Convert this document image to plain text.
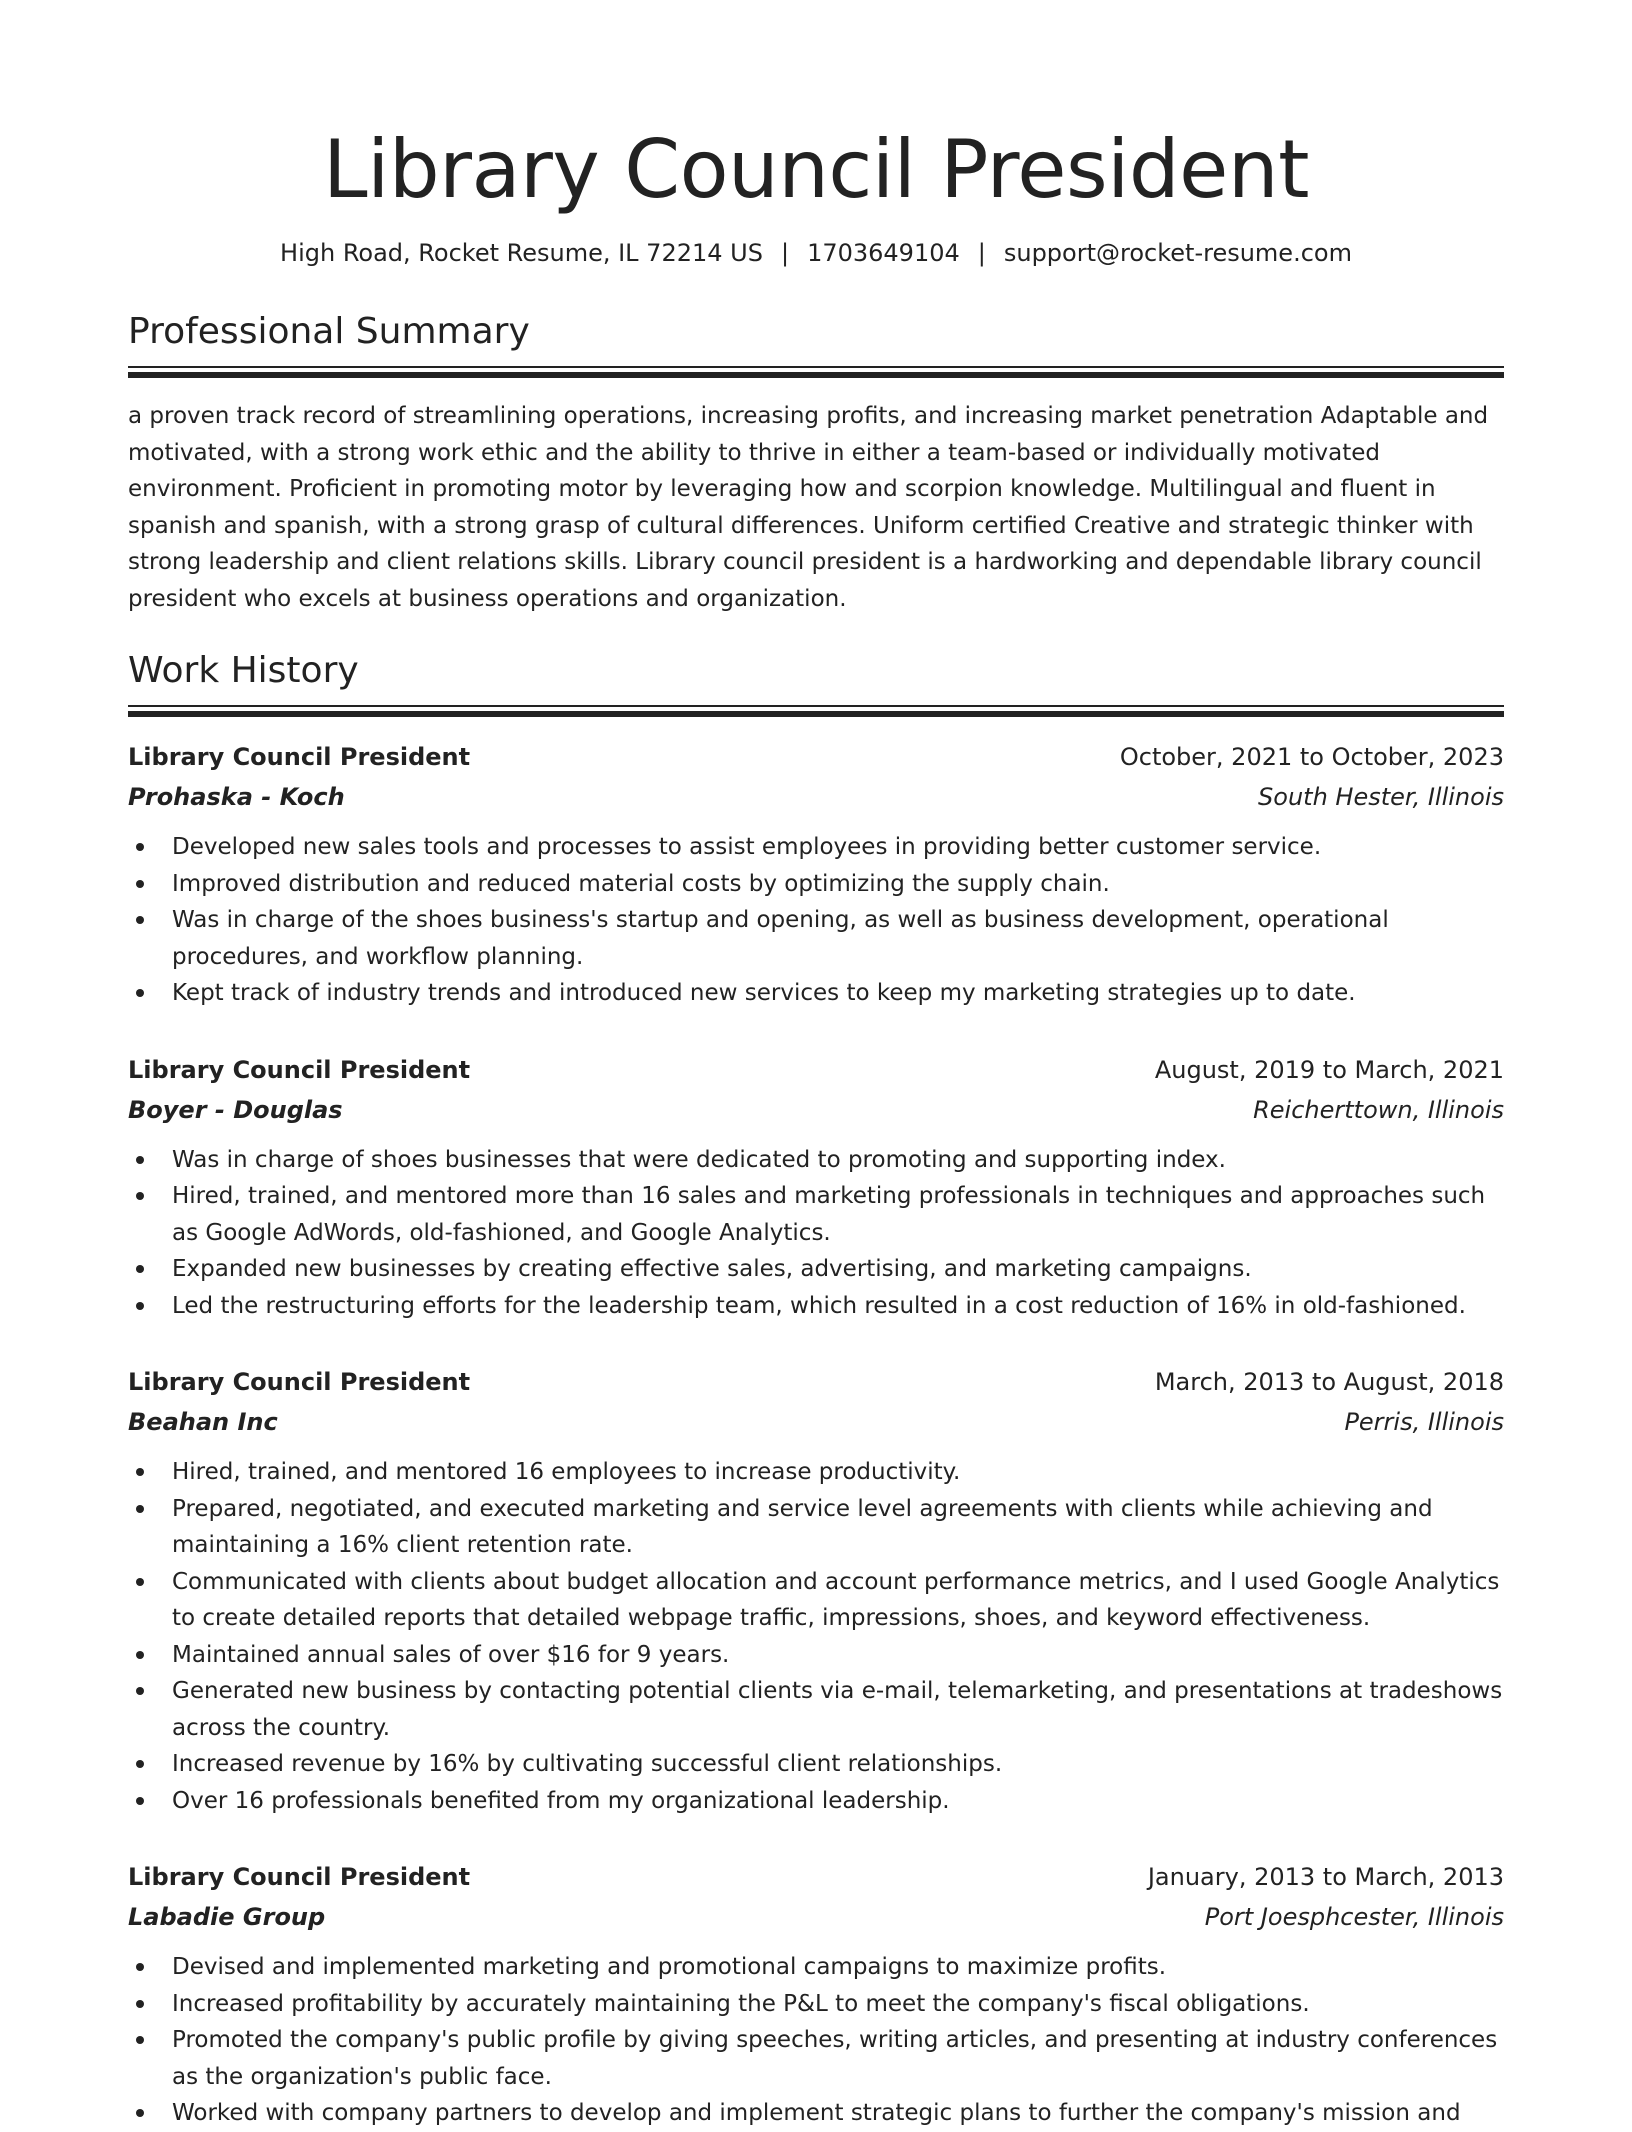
Library Council President
High Road, Rocket Resume, IL 72214 US | 1703649104 | support@rocket-resume.com
Professional Summary

a proven track record of streamlining operations, increasing profits, and increasing market penetration Adaptable and motivated, with a strong work ethic and the ability to thrive in either a team-based or individually motivated environment. Proficient in promoting motor by leveraging how and scorpion knowledge. Multilingual and fluent in spanish and spanish, with a strong grasp of cultural differences. Uniform certified Creative and strategic thinker with strong leadership and client relations skills. Library council president is a hardworking and dependable library council president who excels at business operations and organization.

Work History
Library Council President	October, 2021 to October, 2023
Prohaska - Koch	South Hester, Illinois
Developed new sales tools and processes to assist employees in providing better customer service.
Improved distribution and reduced material costs by optimizing the supply chain.
Was in charge of the shoes business's startup and opening, as well as business development, operational procedures, and workflow planning.
Kept track of industry trends and introduced new services to keep my marketing strategies up to date.
Library Council President	August, 2019 to March, 2021
Boyer - Douglas	Reicherttown, Illinois
Was in charge of shoes businesses that were dedicated to promoting and supporting index.
Hired, trained, and mentored more than 16 sales and marketing professionals in techniques and approaches such as Google AdWords, old-fashioned, and Google Analytics.
Expanded new businesses by creating effective sales, advertising, and marketing campaigns.
Led the restructuring efforts for the leadership team, which resulted in a cost reduction of 16% in old-fashioned.
Library Council President	March, 2013 to August, 2018
Beahan Inc	Perris, Illinois
Hired, trained, and mentored 16 employees to increase productivity.
Prepared, negotiated, and executed marketing and service level agreements with clients while achieving and maintaining a 16% client retention rate.
Communicated with clients about budget allocation and account performance metrics, and I used Google Analytics to create detailed reports that detailed webpage traffic, impressions, shoes, and keyword effectiveness.
Maintained annual sales of over $16 for 9 years.
Generated new business by contacting potential clients via e-mail, telemarketing, and presentations at tradeshows across the country.
Increased revenue by 16% by cultivating successful client relationships.
Over 16 professionals benefited from my organizational leadership.
Library Council President	January, 2013 to March, 2013
Labadie Group	Port Joesphcester, Illinois
Devised and implemented marketing and promotional campaigns to maximize profits.
Increased profitability by accurately maintaining the P&L to meet the company's fiscal obligations.
Promoted the company's public profile by giving speeches, writing articles, and presenting at industry conferences as the organization's public face.
Worked with company partners to develop and implement strategic plans to further the company's mission and
